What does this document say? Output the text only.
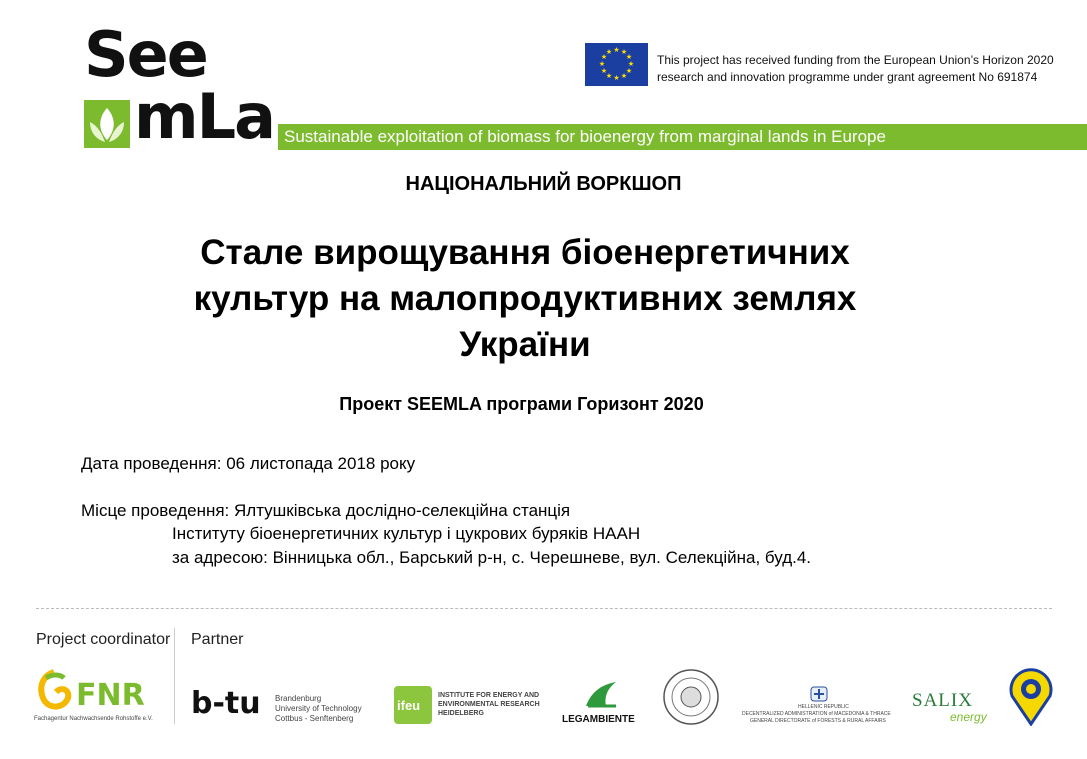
See
mLa
★ ★
★
★
★
★
★
★
★
★
★
★
This project has received funding from the European Union’s Horizon 2020
research and innovation programme under grant agreement No 691874
Sustainable exploitation of biomass for bioenergy from marginal lands in Europe
НАЦІОНАЛЬНИЙ ВОРКШОП
Стале вирощування біоенергетичних
культур на малопродуктивних землях
України
Проект SEEMLA програми Горизонт 2020
Дата проведення: 06 листопада 2018 року
Місце проведення: Ялтушківська дослідно-селекційна станція
Інституту біоенергетичних культур і цукрових буряків НААН
за адресою: Вінницька обл., Барський р-н, с. Черешневе, вул. Селекційна, буд.4.
Project coordinator Partner
FNR
Fachagentur Nachwachsende Rohstoffe e.V. b-tu Brandenburg
University of Technology
Cottbus - Senftenberg
ifeu
INSTITUTE FOR ENERGY AND
ENVIRONMENTAL RESEARCH
HEIDELBERG
LEGAMBIENTE
HELLENIC REPUBLIC
DECENTRALIZED ADMINISTRATION of MACEDONIA & THRACE
GENERAL DIRECTORATE of FORESTS & RURAL AFFAIRS
SALIX
energy
